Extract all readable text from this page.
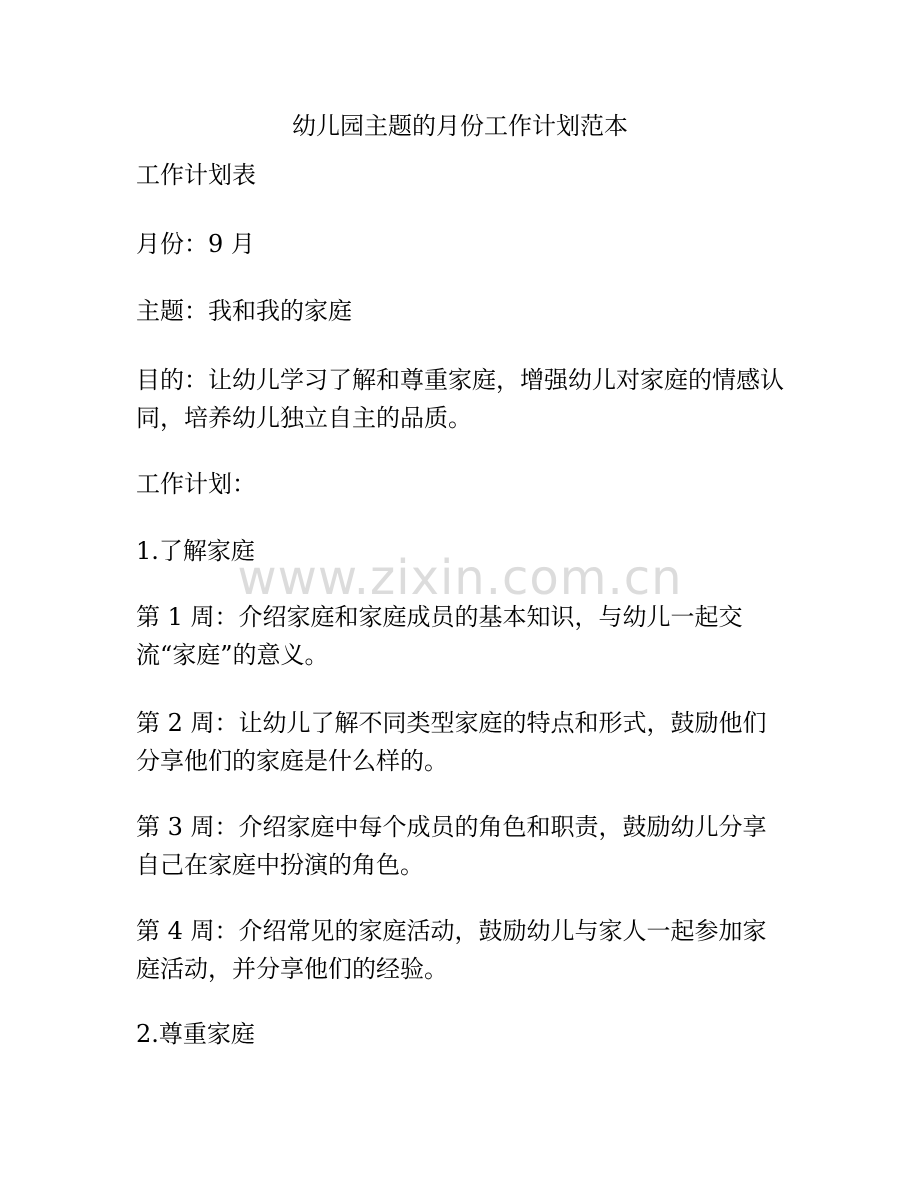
幼儿园主题的月份工作计划范本
工作计划表
月份：9 月
主题：我和我的家庭
目的：让幼儿学习了解和尊重家庭，增强幼儿对家庭的情感认同，培养幼儿独立自主的品质。
工作计划：
1.了解家庭
第 1 周：介绍家庭和家庭成员的基本知识，与幼儿一起交流“家庭”的意义。
第 2 周：让幼儿了解不同类型家庭的特点和形式，鼓励他们分享他们的家庭是什么样的。
第 3 周：介绍家庭中每个成员的角色和职责，鼓励幼儿分享自己在家庭中扮演的角色。
第 4 周：介绍常见的家庭活动，鼓励幼儿与家人一起参加家庭活动，并分享他们的经验。
2.尊重家庭
www.zixin.com.cn
